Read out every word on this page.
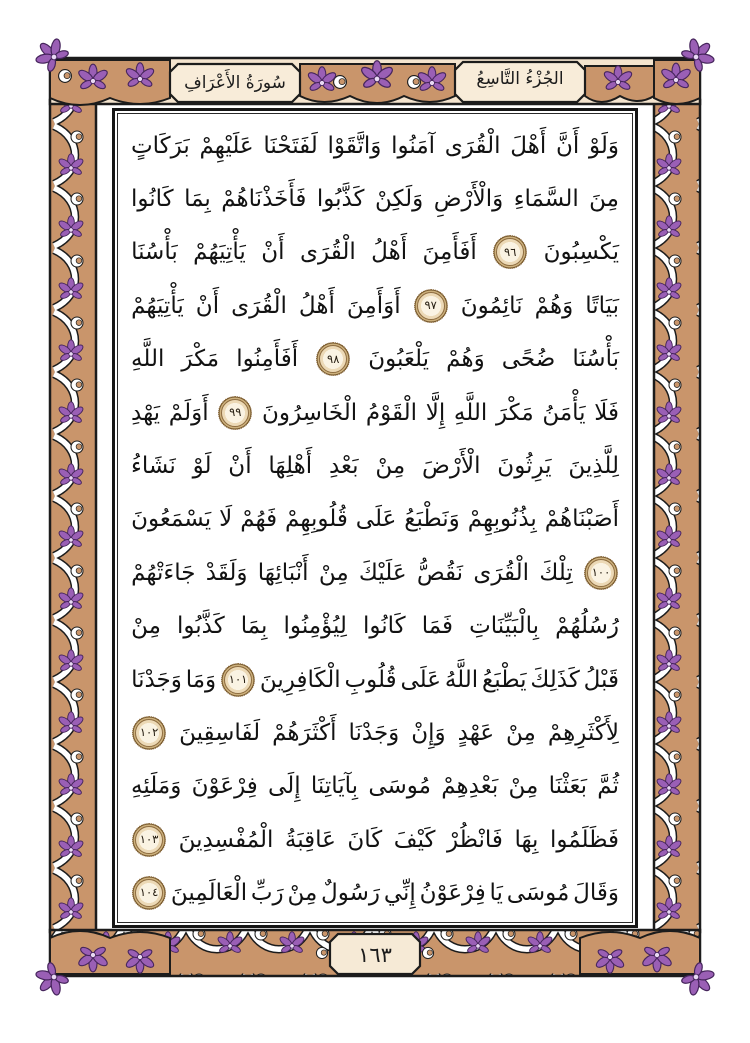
سُورَةُ الأَعْرَافِ	الجُزْءُ التَّاسِعُ
وَلَوْ
أَنَّ
أَهْلَ
الْقُرَى
آمَنُوا
وَاتَّقَوْا
لَفَتَحْنَا
عَلَيْهِمْ
بَرَكَاتٍ
مِنَ
السَّمَاءِ
وَالْأَرْضِ
وَلَكِنْ
كَذَّبُوا
فَأَخَذْنَاهُمْ
بِمَا
كَانُوا
يَكْسِبُونَ
٩٦
أَفَأَمِنَ
أَهْلُ
الْقُرَى
أَنْ
يَأْتِيَهُمْ
بَأْسُنَا
بَيَاتًا
وَهُمْ
نَائِمُونَ
٩٧
أَوَأَمِنَ
أَهْلُ
الْقُرَى
أَنْ
يَأْتِيَهُمْ
بَأْسُنَا
ضُحًى
وَهُمْ
يَلْعَبُونَ
٩٨
أَفَأَمِنُوا
مَكْرَ
اللَّهِ
فَلَا
يَأْمَنُ
مَكْرَ
اللَّهِ
إِلَّا
الْقَوْمُ
الْخَاسِرُونَ
٩٩
أَوَلَمْ
يَهْدِ
لِلَّذِينَ
يَرِثُونَ
الْأَرْضَ
مِنْ
بَعْدِ
أَهْلِهَا
أَنْ
لَوْ
نَشَاءُ
أَصَبْنَاهُمْ
بِذُنُوبِهِمْ
وَنَطْبَعُ
عَلَى
قُلُوبِهِمْ
فَهُمْ
لَا
يَسْمَعُونَ
١٠٠
تِلْكَ
الْقُرَى
نَقُصُّ
عَلَيْكَ
مِنْ
أَنْبَائِهَا
وَلَقَدْ
جَاءَتْهُمْ
رُسُلُهُمْ
بِالْبَيِّنَاتِ
فَمَا
كَانُوا
لِيُؤْمِنُوا
بِمَا
كَذَّبُوا
مِنْ
قَبْلُ
كَذَلِكَ
يَطْبَعُ
اللَّهُ
عَلَى
قُلُوبِ
الْكَافِرِينَ
١٠١
وَمَا
وَجَدْنَا
لِأَكْثَرِهِمْ
مِنْ
عَهْدٍ
وَإِنْ
وَجَدْنَا
أَكْثَرَهُمْ
لَفَاسِقِينَ
١٠٢
ثُمَّ
بَعَثْنَا
مِنْ
بَعْدِهِمْ
مُوسَى
بِآيَاتِنَا
إِلَى
فِرْعَوْنَ
وَمَلَئِهِ
فَظَلَمُوا
بِهَا
فَانْظُرْ
كَيْفَ
كَانَ
عَاقِبَةُ
الْمُفْسِدِينَ
١٠٣
وَقَالَ
مُوسَى
يَا
فِرْعَوْنُ
إِنِّي
رَسُولٌ
مِنْ
رَبِّ
الْعَالَمِينَ
١٠٤
١٦٣
